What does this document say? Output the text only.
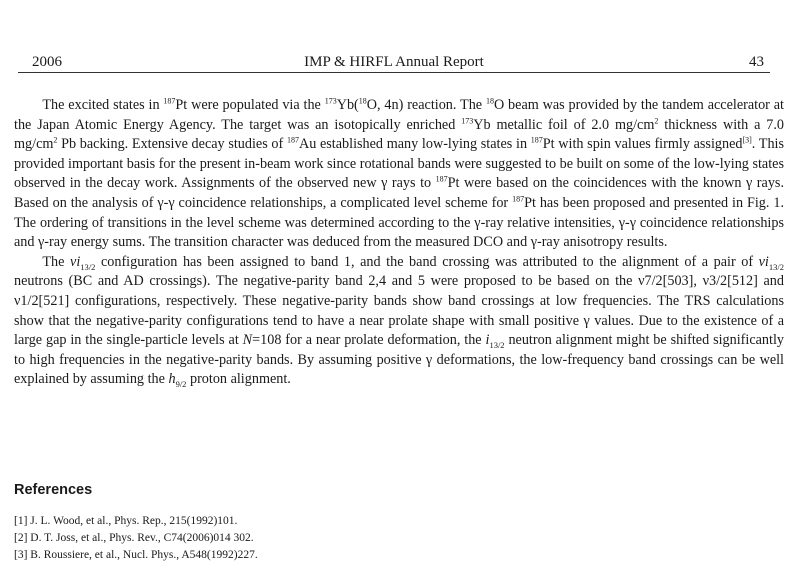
2006	IMP & HIRFL Annual Report	43

The excited states in $^{187}$Pt were populated via the $^{173}$Yb($^{18}$O, 4n) reaction. The $^{18}$O beam was provided by the tandem accelerator at the Japan Atomic Energy Agency. The target was an isotopically enriched $^{173}$Yb metallic foil of 2.0 $mg/cm^2$ thickness with a 7.0 $mg/cm^2$ Pb backing. Extensive decay studies of $^{187}$Au established many low-lying states in $^{187}$Pt with spin values firmly assigned[3]. This provided important basis for the present in-beam work since rotational bands were suggested to be built on some of the low-lying states observed in the decay work. Assignments of the observed new γ rays to $^{187}$Pt were based on the coincidences with the known γ rays. Based on the analysis of γ-γ coincidence relationships, a complicated level scheme for $^{187}$Pt has been proposed and presented in Fig. 1. The ordering of transitions in the level scheme was determined according to the γ-ray relative intensities, γ-γ coincidence relationships and γ-ray energy sums. The transition character was deduced from the measured DCO and γ-ray anisotropy results.

The $\nu i_{13/2}$ configuration has been assigned to band 1, and the band crossing was attributed to the alignment of a pair of $\nu i_{13/2}$ neutrons (BC and AD crossings). The negative-parity band 2,4 and 5 were proposed to be based on the ν7/2[503], ν3/2[512] and ν1/2[521] configurations, respectively. These negative-parity bands show band crossings at low frequencies. The TRS calculations show that the negative-parity configurations tend to have a near prolate shape with small positive γ values. Due to the existence of a large gap in the single-particle levels at N=108 for a near prolate deformation, the $i_{13/2}$ neutron alignment might be shifted significantly to high frequencies in the negative-parity bands. By assuming positive γ deformations, the low-frequency band crossings can be well explained by assuming the $h_{9/2}$ proton alignment.

References
[1] J. L. Wood, et al., Phys. Rep., 215(1992)101.
[2] D. T. Joss, et al., Phys. Rev., C74(2006)014 302.
[3] B. Roussiere, et al., Nucl. Phys., A548(1992)227.
